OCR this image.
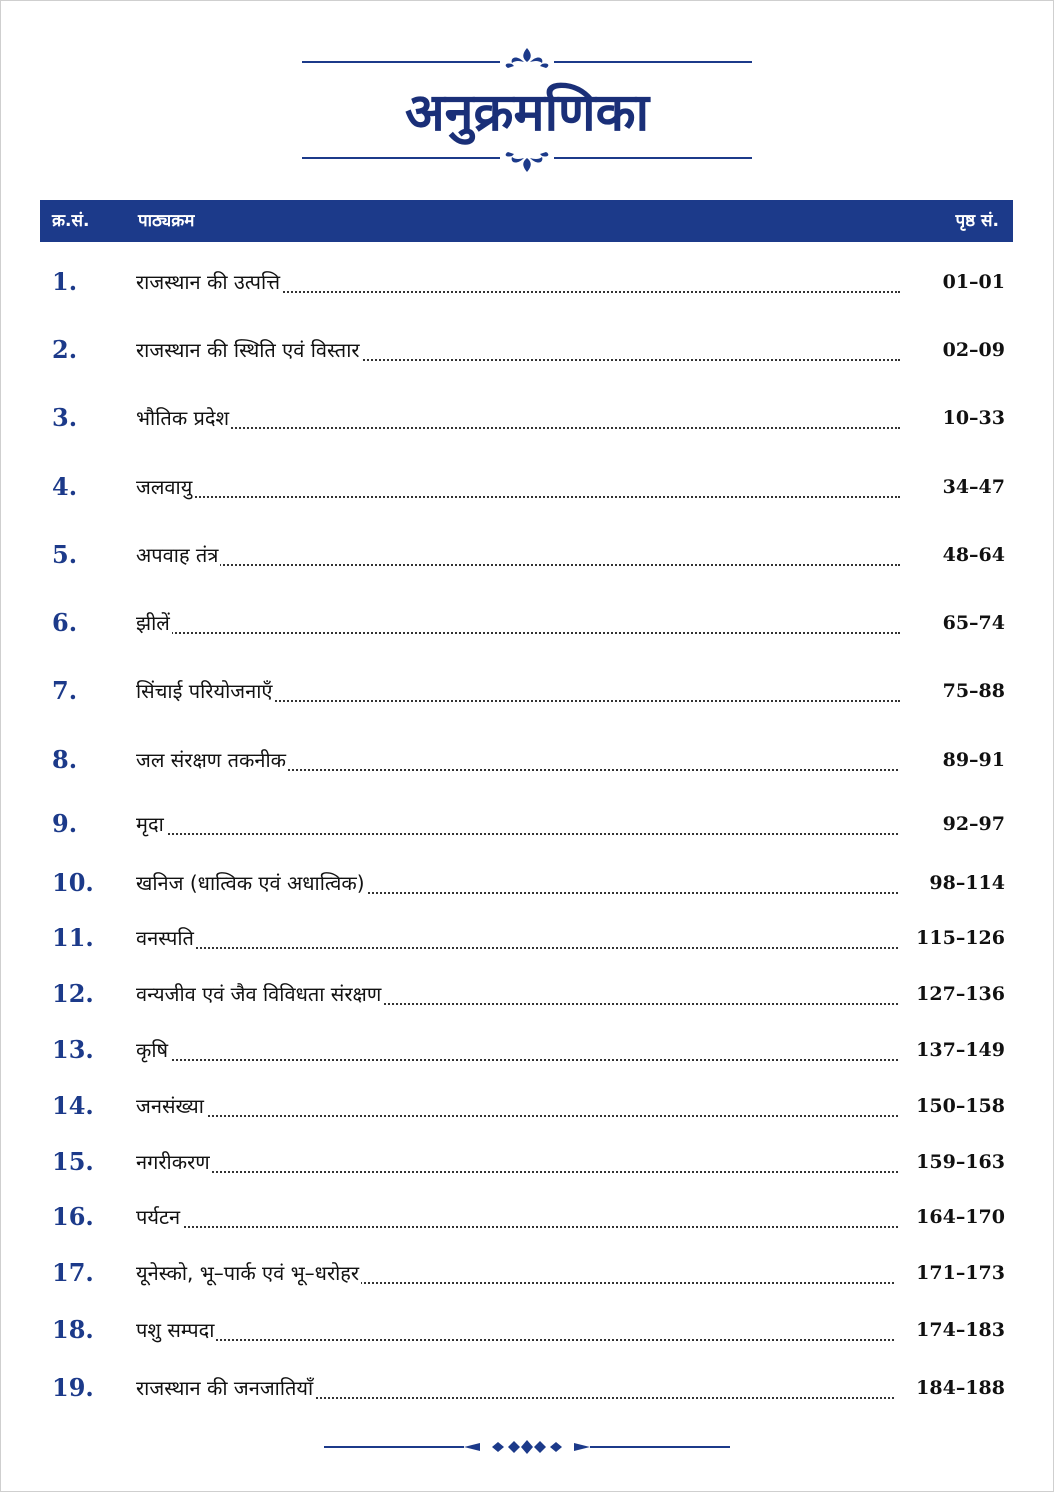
अनुक्रमणिका
क्र.सं.	पाठ्यक्रम	पृष्ठ सं.
1.	राजस्थान की उत्पत्ति	01–01
2.	राजस्थान की स्थिति एवं विस्तार	02–09
3.	भौतिक प्रदेश	10–33
4.	जलवायु	34–47
5.	अपवाह तंत्र	48–64
6.	झीलें	65–74
7.	सिंचाई परियोजनाएँ	75–88
8.	जल संरक्षण तकनीक	89–91
9.	मृदा	92–97
10. खनिज (धात्विक एवं अधात्विक)	98–114
11. वनस्पति	115–126
12. वन्यजीव एवं जैव विविधता संरक्षण	127–136
13. कृषि	137–149
14. जनसंख्या	150–158
15. नगरीकरण	159–163
16. पर्यटन	164–170
17. यूनेस्को, भू–पार्क एवं भू–धरोहर	171–173
18. पशु सम्पदा	174–183
19. राजस्थान की जनजातियाँ	184–188
